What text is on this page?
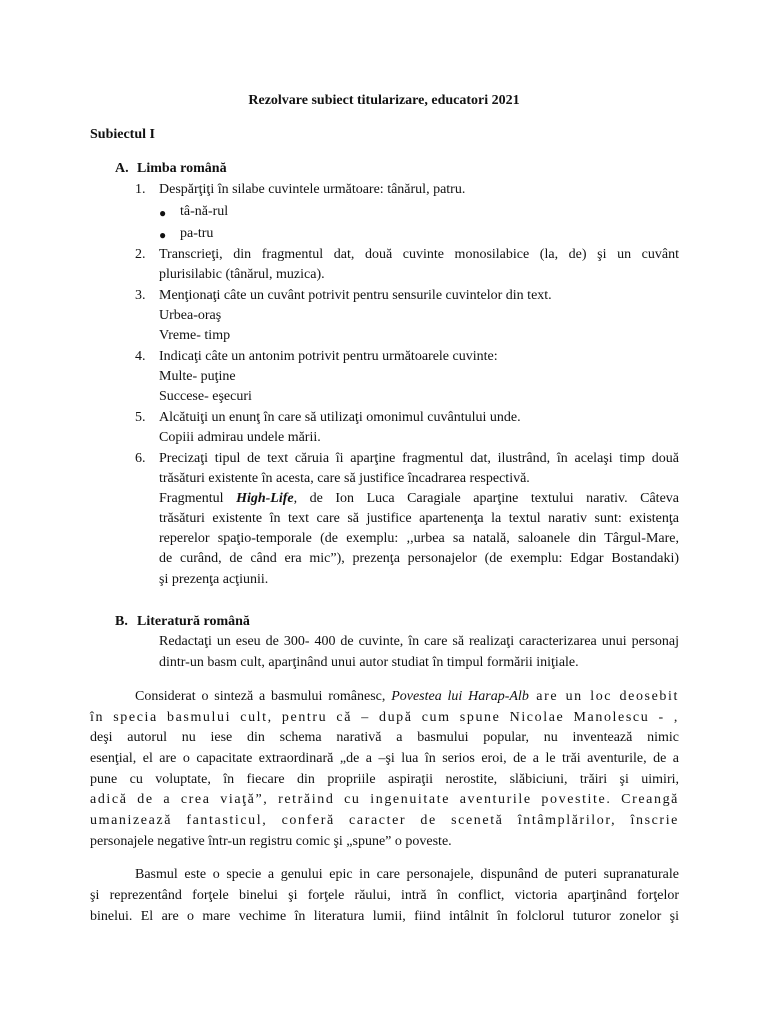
Rezolvare subiect titularizare, educatori 2021
Subiectul I
A. Limba română
1. Despărţiţi în silabe cuvintele următoare: tânărul, patru.
● tâ-nă-rul
● pa-tru
2. Transcrieţi, din fragmentul dat, două cuvinte monosilabice (la, de) şi un cuvânt
plurisilabic (tânărul, muzica).
3. Menţionaţi câte un cuvânt potrivit pentru sensurile cuvintelor din text.
Urbea-oraş
Vreme- timp
4. Indicaţi câte un antonim potrivit pentru următoarele cuvinte:
Multe- puţine
Succese- eşecuri
5. Alcătuiţi un enunţ în care să utilizaţi omonimul cuvântului unde.
Copiii admirau undele mării.
6. Precizaţi tipul de text căruia îi aparţine fragmentul dat, ilustrând, în acelaşi timp două
trăsături existente în acesta, care să justifice încadrarea respectivă.
Fragmentul High-Life, de Ion Luca Caragiale aparţine textului narativ. Câteva
trăsături existente în text care să justifice apartenenţa la textul narativ sunt: existenţa
reperelor spaţio-temporale (de exemplu: ,,urbea sa natală, saloanele din Târgul-Mare,
de curând, de când era mic”), prezenţa personajelor (de exemplu: Edgar Bostandaki)
şi prezenţa acţiunii.
B. Literatură română
Redactaţi un eseu de 300- 400 de cuvinte, în care să realizaţi caracterizarea unui personaj
dintr-un basm cult, aparţinând unui autor studiat în timpul formării iniţiale.
Considerat o sinteză a basmului românesc, Povestea lui Harap-Alb are un loc deosebit
în specia basmului cult, pentru că – după cum spune Nicolae Manolescu - ,
deşi autorul nu iese din schema narativă a basmului popular, nu inventează nimic
esenţial, el are o capacitate extraordinară „de a –şi lua în serios eroi, de a le trăi aventurile, de a
pune cu voluptate, în fiecare din propriile aspiraţii nerostite, slăbiciuni, trăiri şi uimiri,
adică de a crea viaţă”, retrăind cu ingenuitate aventurile povestite. Creangă
umanizează fantasticul, conferă caracter de scenetă întâmplărilor, înscrie
personajele negative într-un registru comic şi „spune” o poveste.
Basmul este o specie a genului epic in care personajele, dispunând de puteri supranaturale
şi reprezentând forţele binelui şi forţele răului, intră în conflict, victoria aparţinând forţelor
binelui. El are o mare vechime în literatura lumii, fiind intâlnit în folclorul tuturor zonelor şi
